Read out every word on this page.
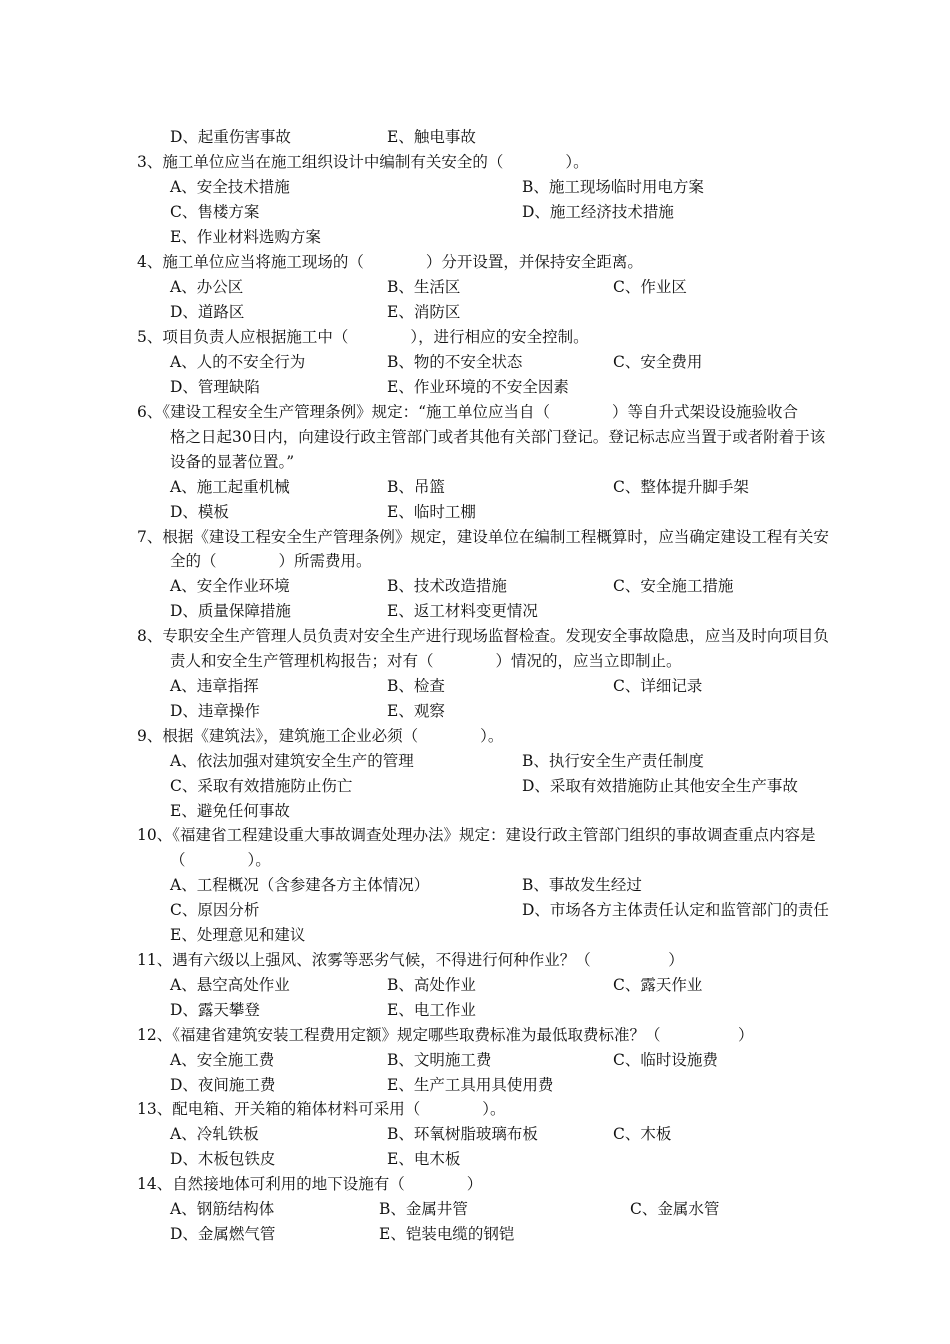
D、起重伤害事故	E、触电事故
3、施工单位应当在施工组织设计中编制有关安全的（　　　　）。
A、安全技术措施	B、施工现场临时用电方案
C、售楼方案	D、施工经济技术措施
E、作业材料选购方案
4、施工单位应当将施工现场的（　　　　）分开设置，并保持安全距离。
A、办公区	B、生活区	C、作业区
D、道路区	E、消防区
5、项目负责人应根据施工中（　　　　），进行相应的安全控制。
A、人的不安全行为	B、物的不安全状态	C、安全费用
D、管理缺陷	E、作业环境的不安全因素
6、《建设工程安全生产管理条例》规定：“施工单位应当自（　　　　）等自升式架设设施验收合
格之日起30日内，向建设行政主管部门或者其他有关部门登记。登记标志应当置于或者附着于该
设备的显著位置。”
A、施工起重机械	B、吊篮	C、整体提升脚手架
D、模板	E、临时工棚
7、根据《建设工程安全生产管理条例》规定，建设单位在编制工程概算时，应当确定建设工程有关安
全的（　　　　）所需费用。
A、安全作业环境	B、技术改造措施	C、安全施工措施
D、质量保障措施	E、返工材料变更情况
8、专职安全生产管理人员负责对安全生产进行现场监督检查。发现安全事故隐患，应当及时向项目负
责人和安全生产管理机构报告；对有（　　　　）情况的，应当立即制止。
A、违章指挥	B、检查	C、详细记录
D、违章操作	E、观察
9、根据《建筑法》，建筑施工企业必须（　　　　）。
A、依法加强对建筑安全生产的管理	B、执行安全生产责任制度
C、采取有效措施防止伤亡	D、采取有效措施防止其他安全生产事故
E、避免任何事故
10、《福建省工程建设重大事故调查处理办法》规定：建设行政主管部门组织的事故调查重点内容是
（　　　　）。
A、工程概况（含参建各方主体情况）	B、事故发生经过
C、原因分析	D、市场各方主体责任认定和监管部门的责任
E、处理意见和建议
11、遇有六级以上强风、浓雾等恶劣气候，不得进行何种作业？（　　　　　）
A、悬空高处作业	B、高处作业	C、露天作业
D、露天攀登	E、电工作业
12、《福建省建筑安装工程费用定额》规定哪些取费标准为最低取费标准？（　　　　　）
A、安全施工费	B、文明施工费	C、临时设施费
D、夜间施工费	E、生产工具用具使用费
13、配电箱、开关箱的箱体材料可采用（　　　　）。
A、冷轧铁板	B、环氧树脂玻璃布板	C、木板
D、木板包铁皮	E、电木板
14、自然接地体可利用的地下设施有（　　　　）
A、钢筋结构体	B、金属井管	C、金属水管
D、金属燃气管	E、铠装电缆的钢铠
